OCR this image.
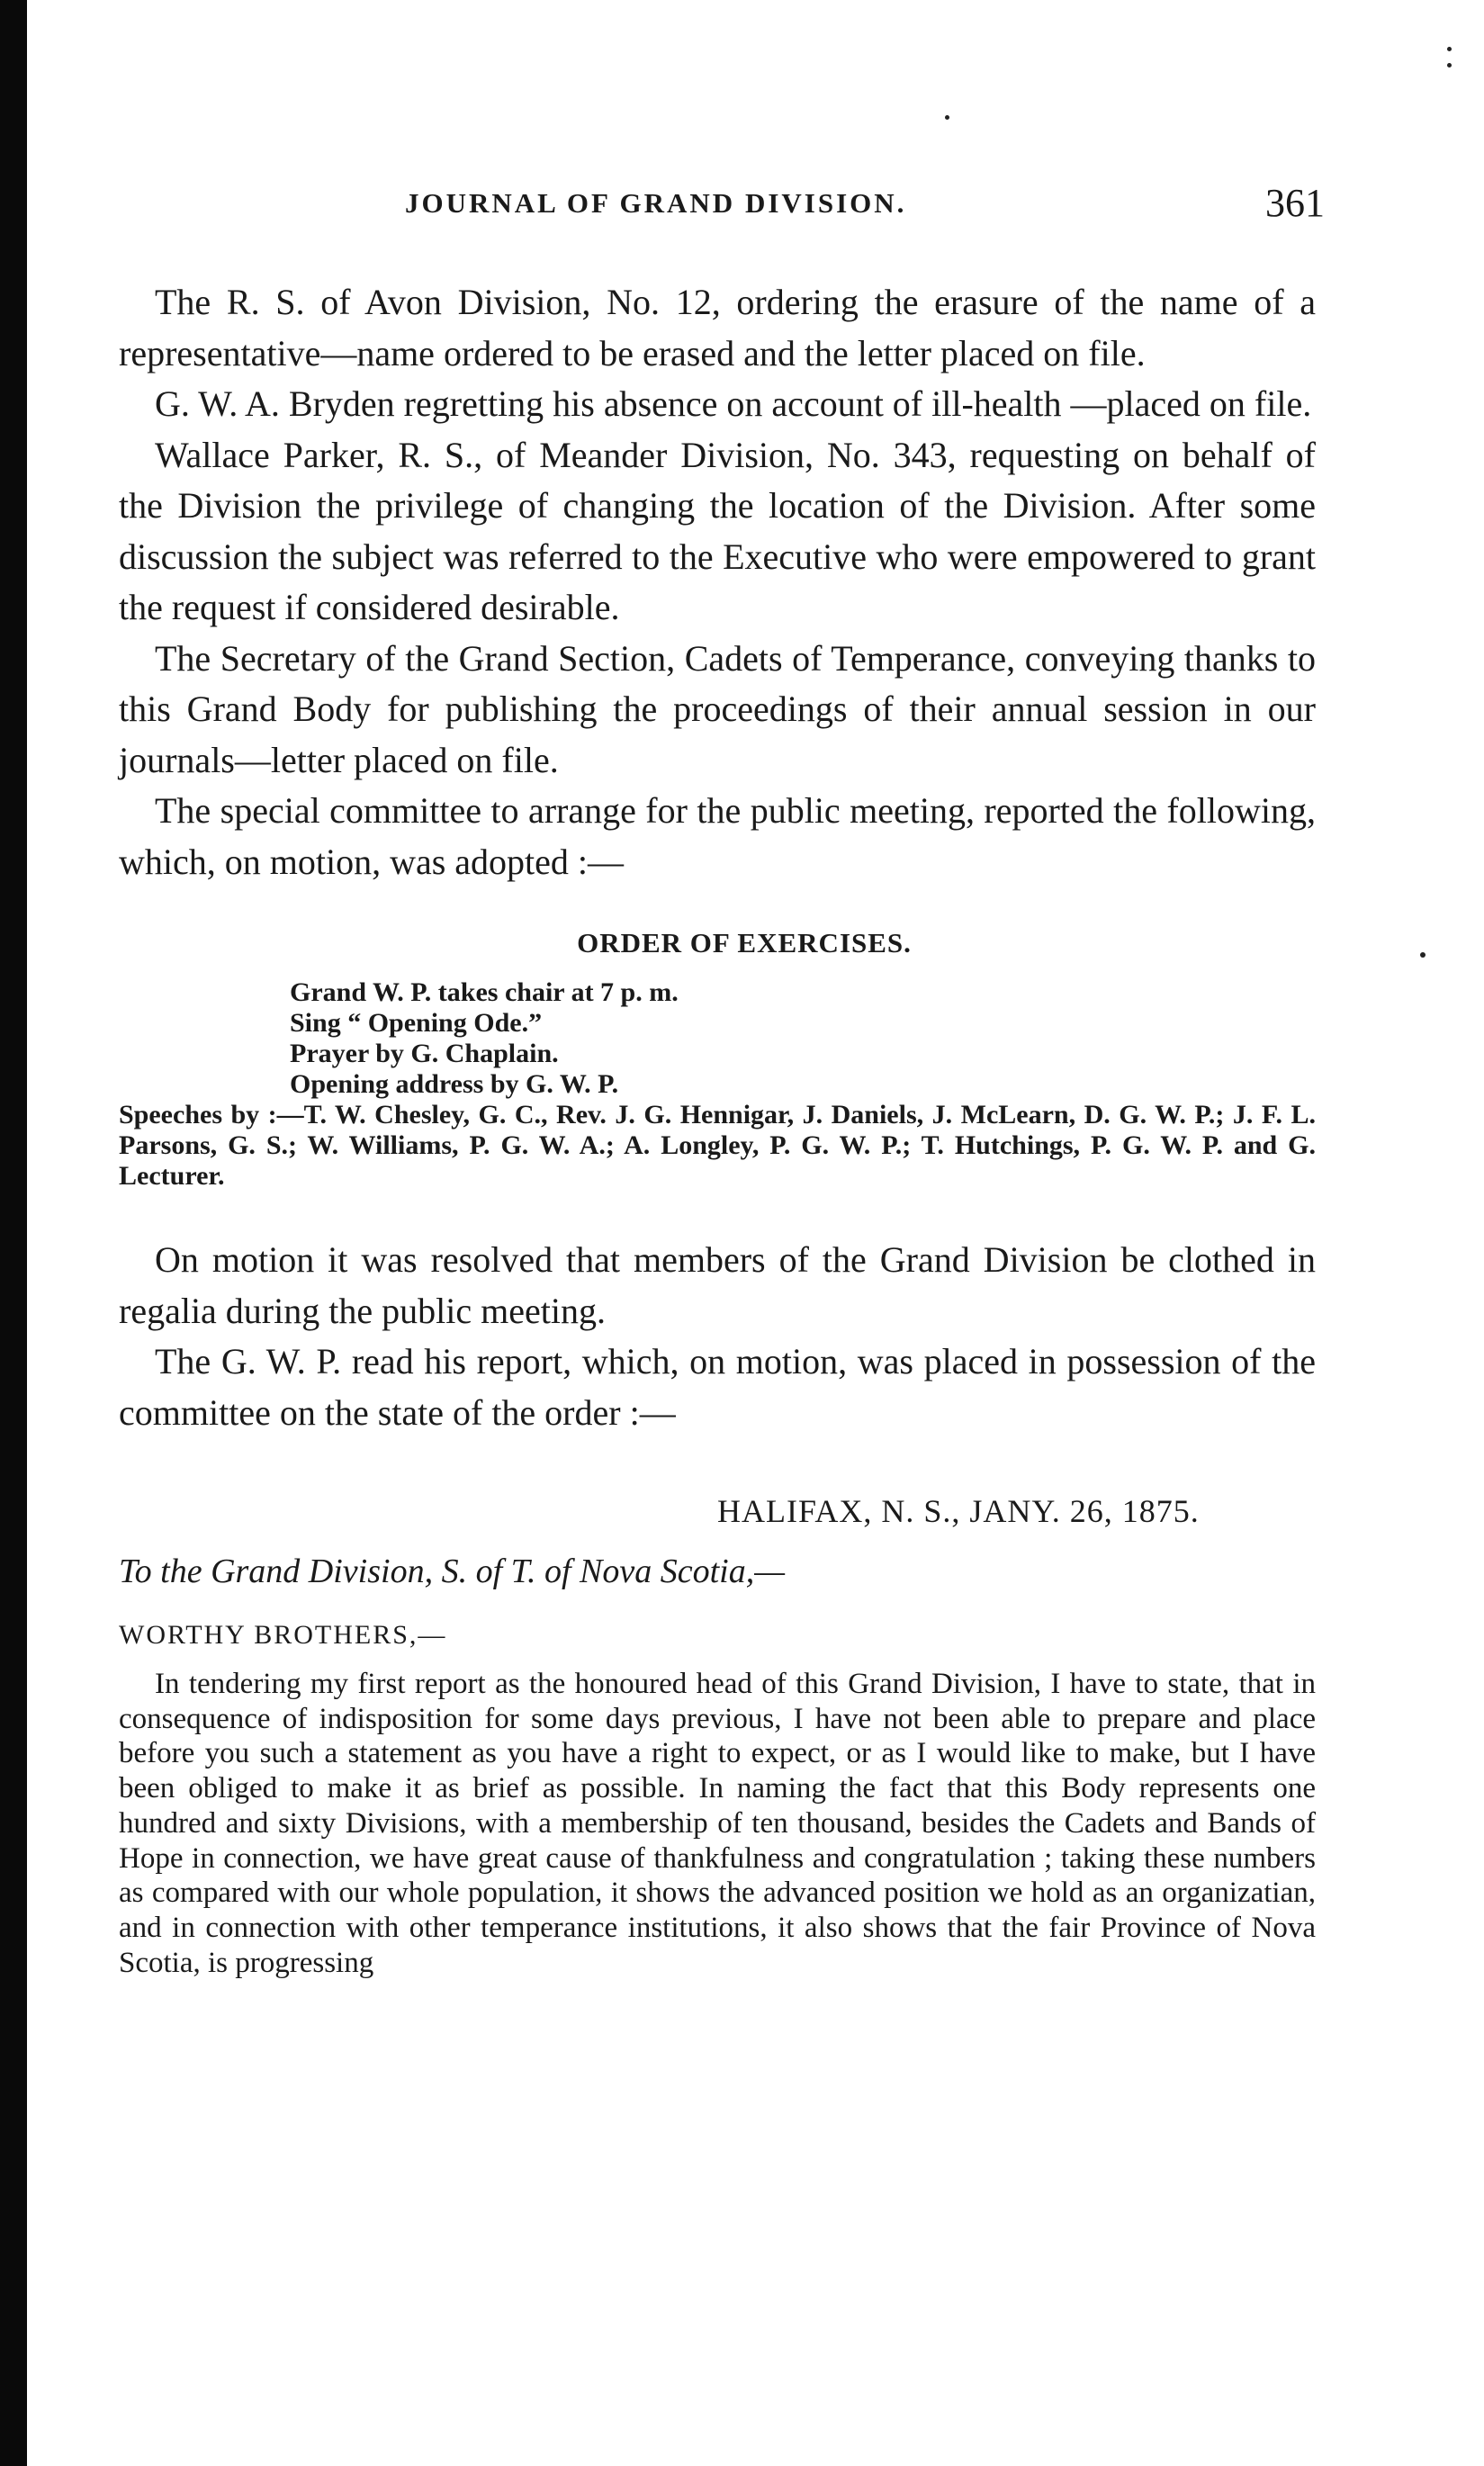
JOURNAL OF GRAND DIVISION.	361

The R. S. of Avon Division, No. 12, ordering the erasure of the name of a representative—name ordered to be erased and the letter placed on file.

G. W. A. Bryden regretting his absence on account of ill-health —placed on file.

Wallace Parker, R. S., of Meander Division, No. 343, requesting on behalf of the Division the privilege of changing the location of the Division. After some discussion the subject was referred to the Executive who were empowered to grant the request if considered desirable.

The Secretary of the Grand Section, Cadets of Temperance, conveying thanks to this Grand Body for publishing the proceedings of their annual session in our journals—letter placed on file.

The special committee to arrange for the public meeting, reported the following, which, on motion, was adopted :—

ORDER OF EXERCISES.
Grand W. P. takes chair at 7 p. m.
Sing “ Opening Ode.”
Prayer by G. Chaplain.
Opening address by G. W. P.
Speeches by :—T. W. Chesley, G. C., Rev. J. G. Hennigar, J. Daniels, J. McLearn, D. G. W. P.; J. F. L. Parsons, G. S.; W. Williams, P. G. W. A.; A. Longley, P. G. W. P.; T. Hutchings, P. G. W. P. and G. Lecturer.

On motion it was resolved that members of the Grand Division be clothed in regalia during the public meeting.

The G. W. P. read his report, which, on motion, was placed in possession of the committee on the state of the order :—

HALIFAX, N. S., JANY. 26, 1875.
To the Grand Division, S. of T. of Nova Scotia,—
WORTHY BROTHERS,—
In tendering my first report as the honoured head of this Grand Division, I have to state, that in consequence of indisposition for some days previous, I have not been able to prepare and place before you such a statement as you have a right to expect, or as I would like to make, but I have been obliged to make it as brief as possible. In naming the fact that this Body represents one hundred and sixty Divisions, with a membership of ten thousand, besides the Cadets and Bands of Hope in connection, we have great cause of thankfulness and congratulation ; taking these numbers as compared with our whole population, it shows the advanced position we hold as an organizatian, and in connection with other temperance institutions, it also shows that the fair Province of Nova Scotia, is progressing
